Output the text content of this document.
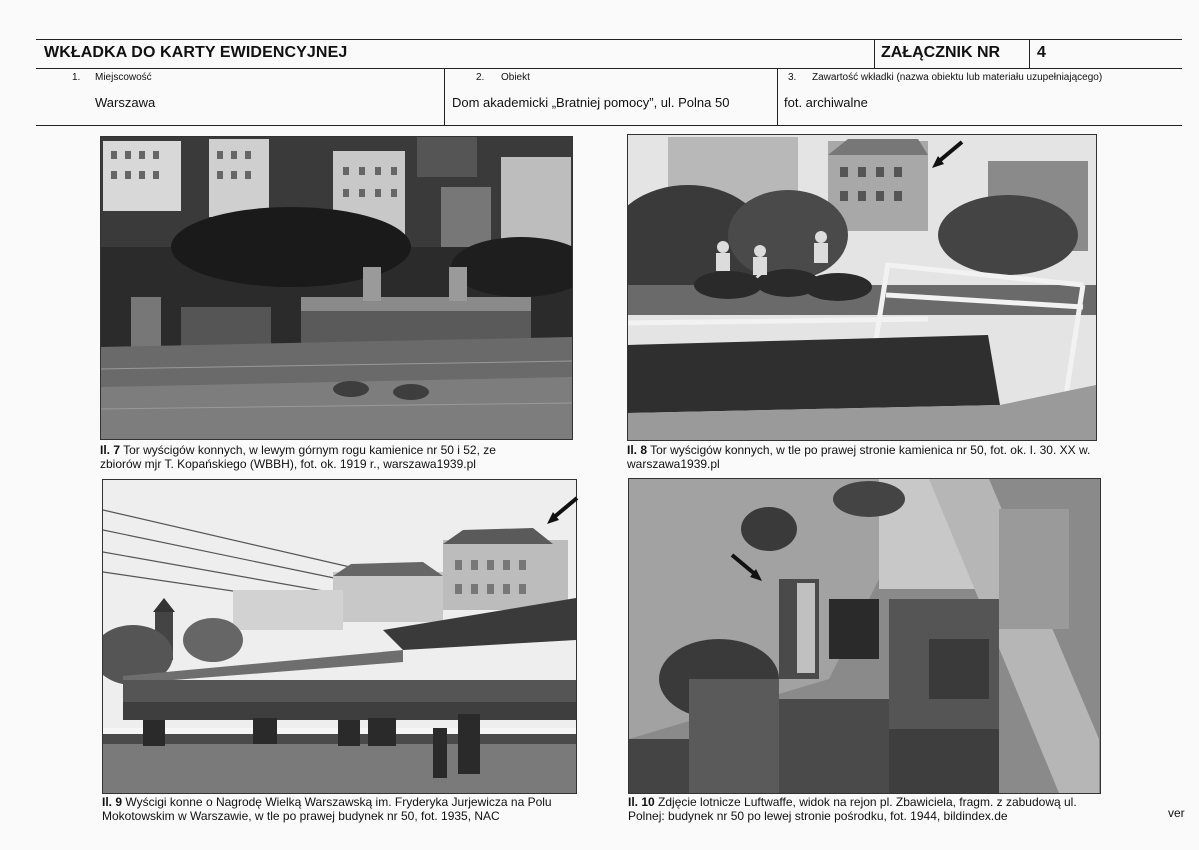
WKŁADKA DO KARTY EWIDENCYJNEJ	ZAŁĄCZNIK NR 4
1. Miejscowość
Warszawa
2. Obiekt
Dom akademicki „Bratniej pomocy”, ul. Polna 50
3. Zawartość wkładki (nazwa obiektu lub materiału uzupełniającego)
fot. archiwalne
Il. 7 Tor wyścigów konnych, w lewym górnym rogu kamienice nr 50 i 52, ze zbiorów mjr T. Kopańskiego (WBBH), fot. ok. 1919 r., warszawa1939.pl
Il. 8 Tor wyścigów konnych, w tle po prawej stronie kamienica nr 50, fot. ok. I. 30. XX w. warszawa1939.pl
Il. 9 Wyścigi konne o Nagrodę Wielką Warszawską im. Fryderyka Jurjewicza na Polu Mokotowskim w Warszawie, w tle po prawej budynek nr 50, fot. 1935, NAC
Il. 10 Zdjęcie lotnicze Luftwaffe, widok na rejon pl. Zbawiciela, fragm. z zabudową ul. Polnej: budynek nr 50 po lewej stronie pośrodku, fot. 1944, bildindex.de	ver
